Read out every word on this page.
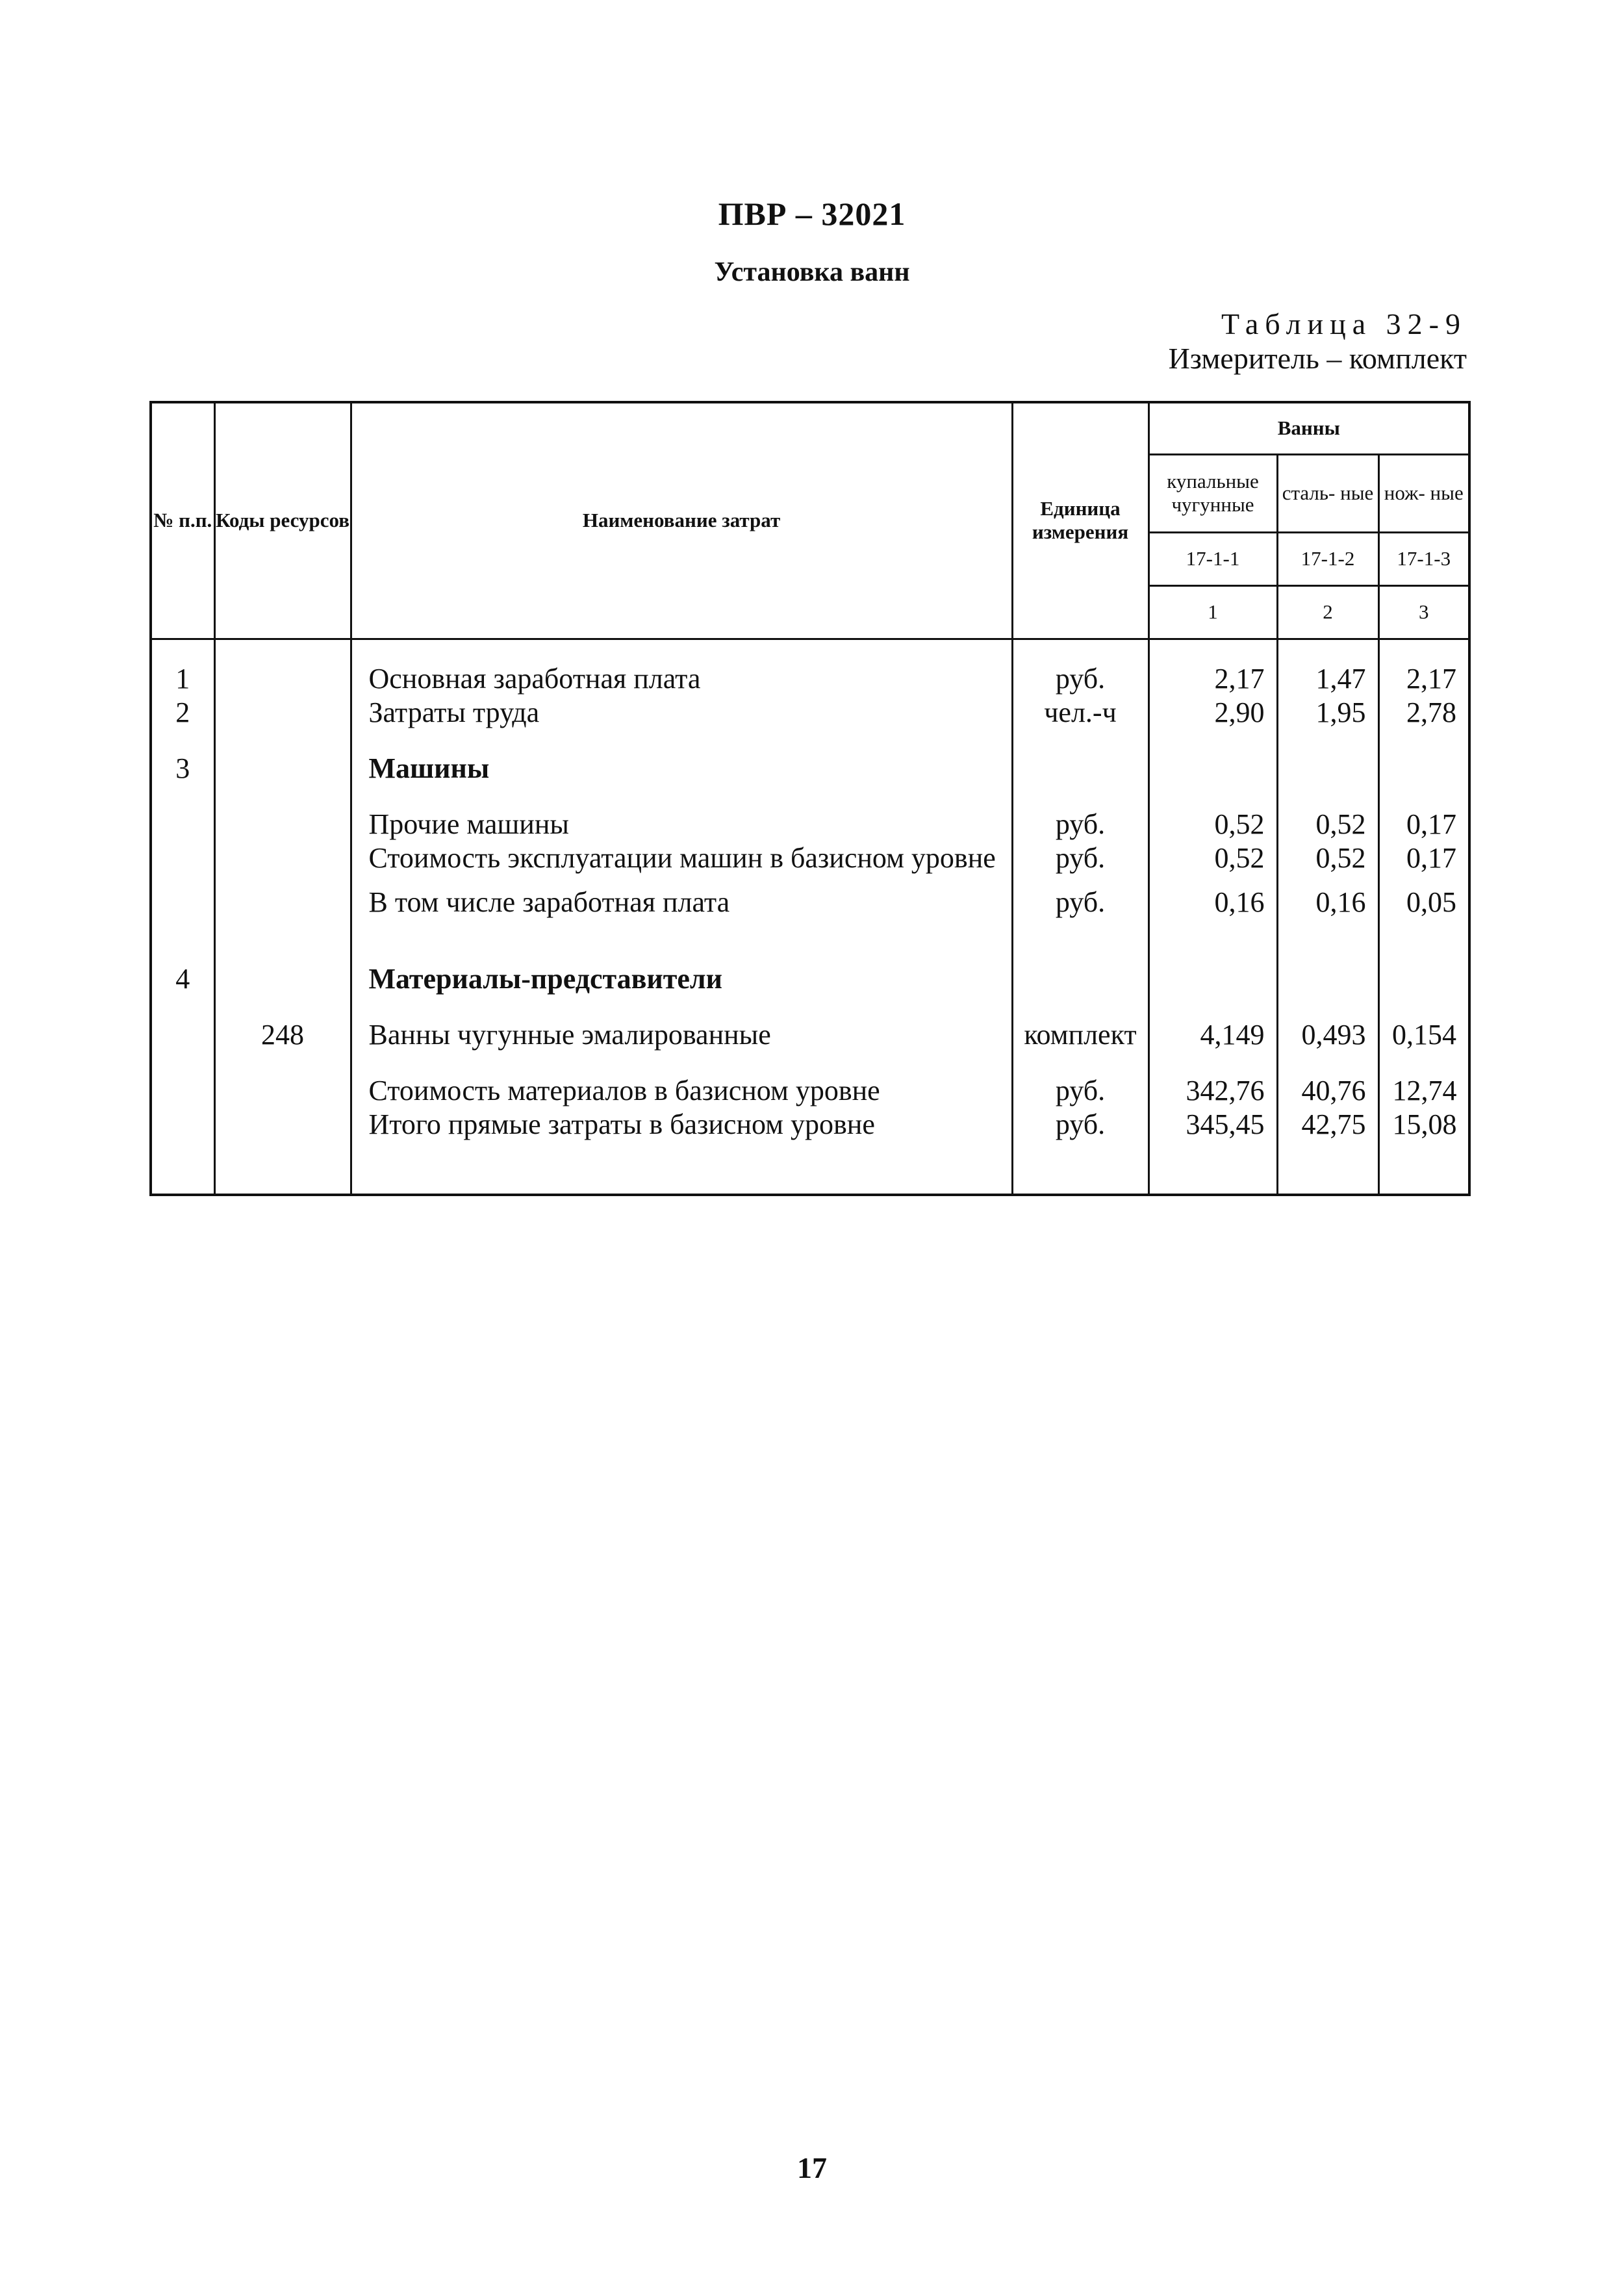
ПВР – 32021
Установка ванн
Таблица 32-9
Измеритель – комплект
№ п.п.	Коды ресурсов	Наименование затрат	Единица измерения	Ванны		
				купальные чугунные	сталь- ные	нож- ные
				17-1-1	17-1-2	17-1-3
				1	2	3
1		Основная заработная плата	руб.	2,17	1,47	2,17
2		Затраты труда	чел.-ч	2,90	1,95	2,78
3		Машины				
		Прочие машины	руб.	0,52	0,52	0,17
		Стоимость эксплуатации машин в базисном уровне	руб.	0,52	0,52	0,17
		В том числе заработная плата	руб.	0,16	0,16	0,05
4		Материалы-представители				
	248	Ванны чугунные эмалированные	комплект	4,149	0,493	0,154
		Стоимость материалов в базисном уровне	руб.	342,76	40,76	12,74
		Итого прямые затраты в базисном уровне	руб.	345,45	42,75	15,08
17
